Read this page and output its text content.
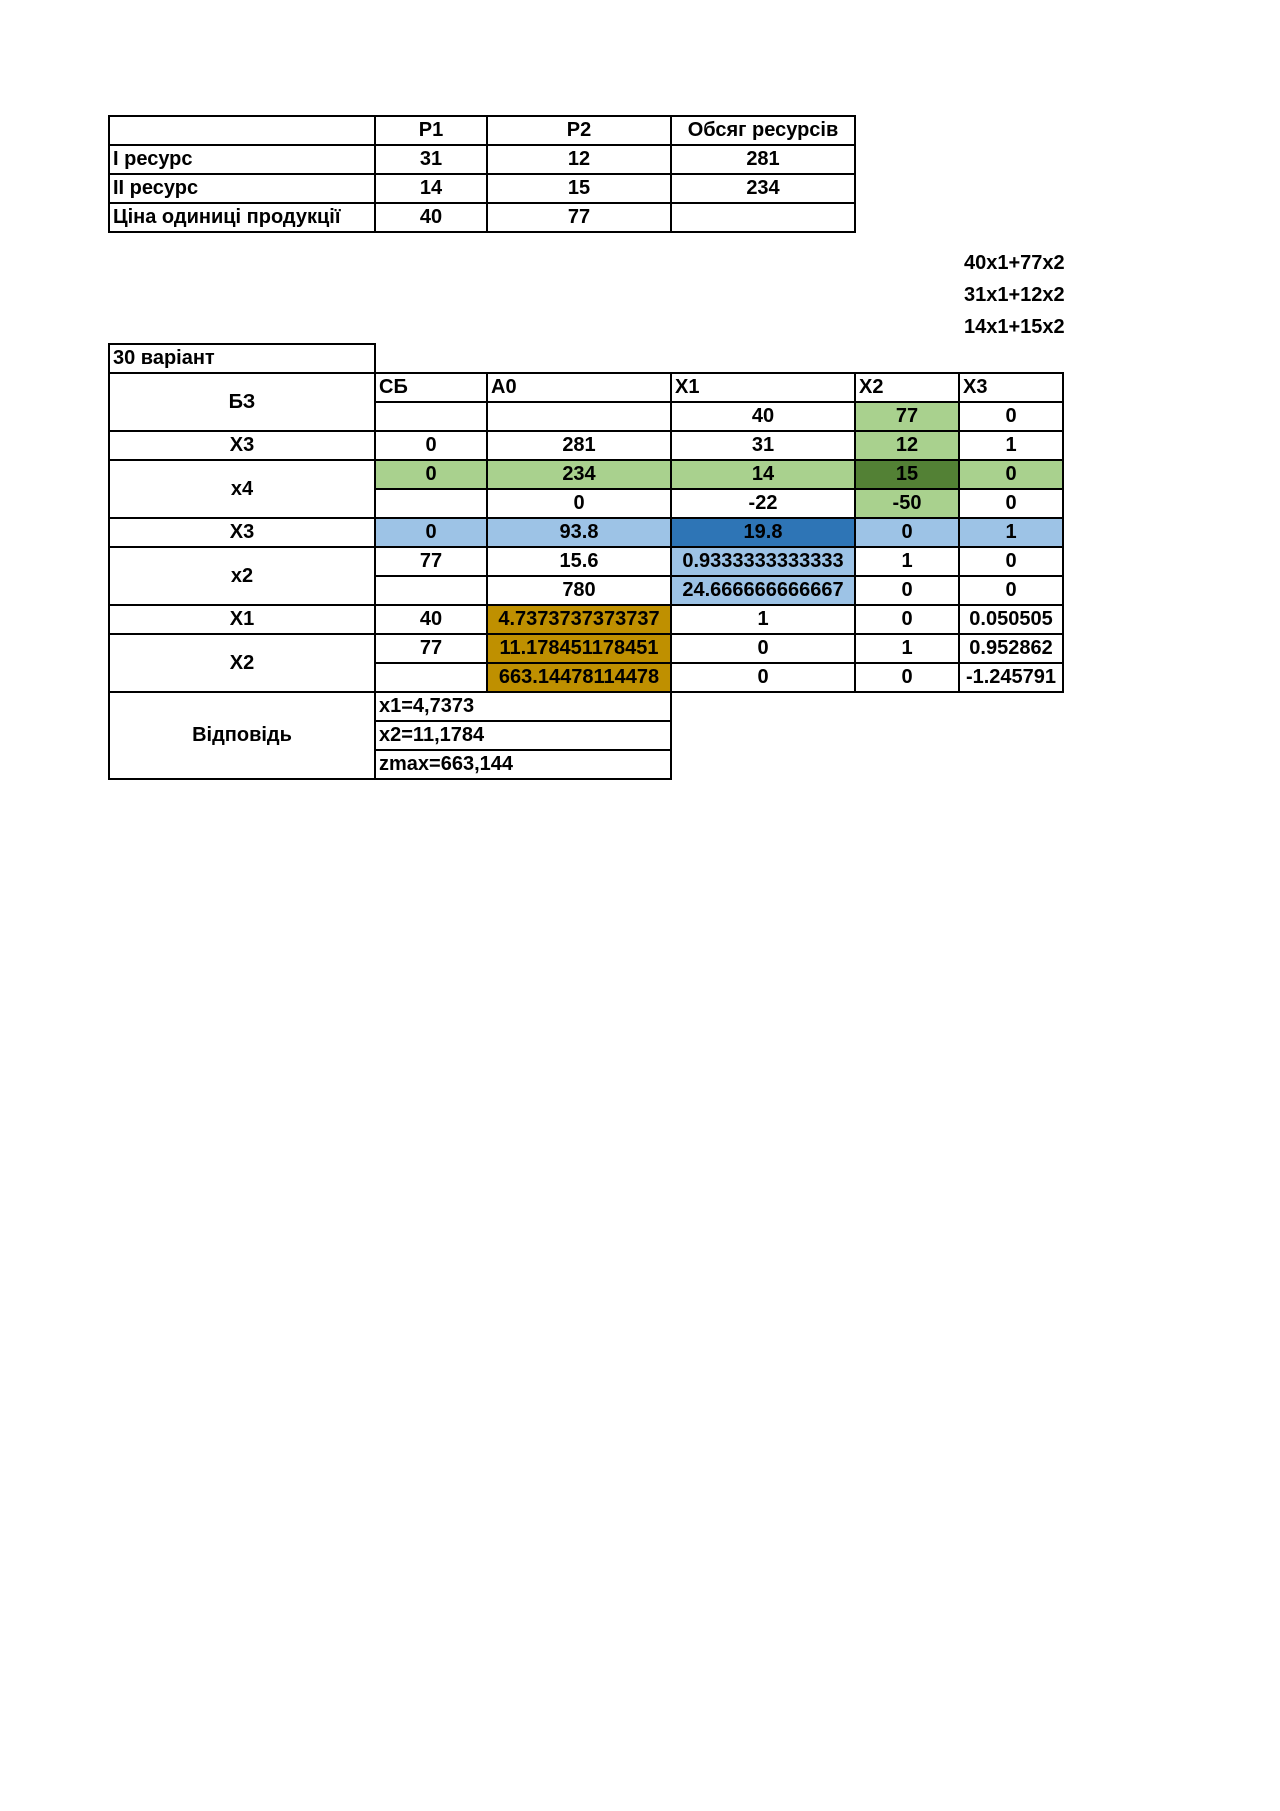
	P1	P2	Обсяг ресурсів
I ресурс	31	12	281
II ресурс	14	15	234
Ціна одиниці продукції	40	77	
40x1+77x2
31x1+12x2
14x1+15x2
30 варіант					
БЗ	СБ	A0	X1	X2	X3
			40	77	0
X3	0	281	31	12	1
x4	0	234	14	15	0
		0	-22	-50	0
X3	0	93.8	19.8	0	1
x2	77	15.6	0.9333333333333	1	0
		780	24.666666666667	0	0
X1	40	4.7373737373737	1	0	0.050505
X2	77	11.178451178451	0	1	0.952862
		663.14478114478	0	0	-1.245791
Відповідь	x1=4,7373				
	x2=11,1784				
	zmax=663,144				
